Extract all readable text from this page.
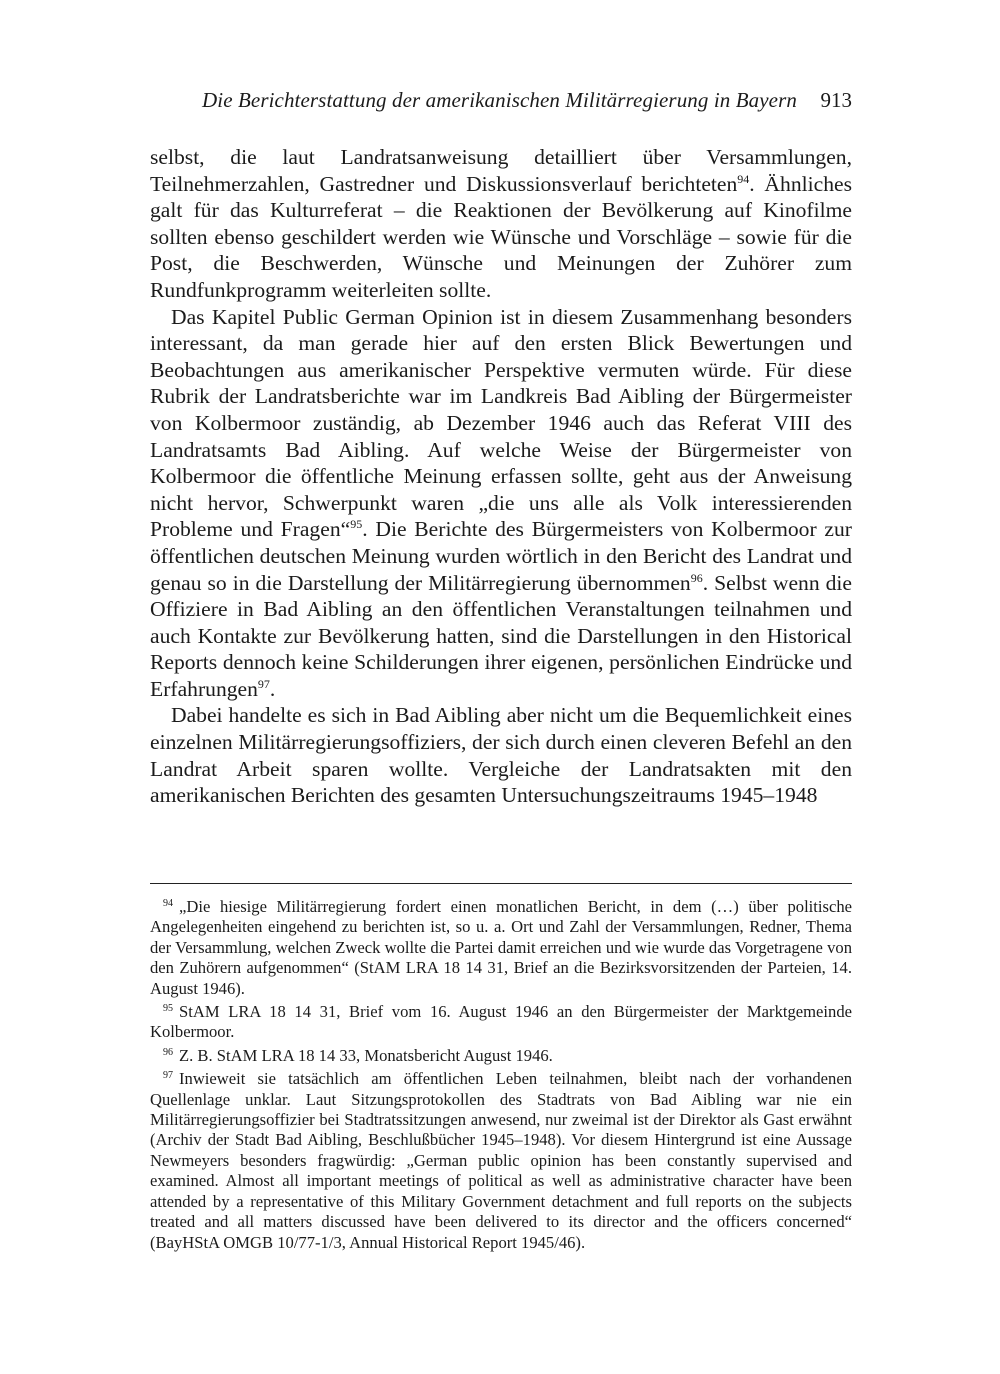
Die Berichterstattung der amerikanischen Militärregierung in Bayern 913

selbst, die laut Landratsanweisung detailliert über Versammlungen, Teilnehmerzahlen, Gastredner und Diskussionsverlauf berichteten$^{94}$. Ähnliches galt für das Kulturreferat – die Reaktionen der Bevölkerung auf Kinofilme sollten ebenso geschildert werden wie Wünsche und Vorschläge – sowie für die Post, die Beschwerden, Wünsche und Meinungen der Zuhörer zum Rundfunkprogramm weiterleiten sollte.

Das Kapitel Public German Opinion ist in diesem Zusammenhang besonders interessant, da man gerade hier auf den ersten Blick Bewertungen und Beobachtungen aus amerikanischer Perspektive vermuten würde. Für diese Rubrik der Landratsberichte war im Landkreis Bad Aibling der Bürgermeister von Kolbermoor zuständig, ab Dezember 1946 auch das Referat VIII des Landratsamts Bad Aibling. Auf welche Weise der Bürgermeister von Kolbermoor die öffentliche Meinung erfassen sollte, geht aus der Anweisung nicht hervor, Schwerpunkt waren „die uns alle als Volk interessierenden Probleme und Fragen“$^{95}$. Die Berichte des Bürgermeisters von Kolbermoor zur öffentlichen deutschen Meinung wurden wörtlich in den Bericht des Landrat und genau so in die Darstellung der Militärregierung übernommen$^{96}$. Selbst wenn die Offiziere in Bad Aibling an den öffentlichen Veranstaltungen teilnahmen und auch Kontakte zur Bevölkerung hatten, sind die Darstellungen in den Historical Reports dennoch keine Schilderungen ihrer eigenen, persönlichen Eindrücke und Erfahrungen$^{97}$.

Dabei handelte es sich in Bad Aibling aber nicht um die Bequemlichkeit eines einzelnen Militärregierungsoffiziers, der sich durch einen cleveren Befehl an den Landrat Arbeit sparen wollte. Vergleiche der Landratsakten mit den amerikanischen Berichten des gesamten Untersuchungszeitraums 1945–1948

$^{94}$ „Die hiesige Militärregierung fordert einen monatlichen Bericht, in dem (…) über politische Angelegenheiten eingehend zu berichten ist, so u. a. Ort und Zahl der Versammlungen, Redner, Thema der Versammlung, welchen Zweck wollte die Partei damit erreichen und wie wurde das Vorgetragene von den Zuhörern aufgenommen“ (StAM LRA 18 14 31, Brief an die Bezirksvorsitzenden der Parteien, 14. August 1946).

$^{95}$ StAM LRA 18 14 31, Brief vom 16. August 1946 an den Bürgermeister der Marktgemeinde Kolbermoor.

$^{96}$ Z. B. StAM LRA 18 14 33, Monatsbericht August 1946.

$^{97}$ Inwieweit sie tatsächlich am öffentlichen Leben teilnahmen, bleibt nach der vorhandenen Quellenlage unklar. Laut Sitzungsprotokollen des Stadtrats von Bad Aibling war nie ein Militärregierungsoffizier bei Stadtratssitzungen anwesend, nur zweimal ist der Direktor als Gast erwähnt (Archiv der Stadt Bad Aibling, Beschlußbücher 1945–1948). Vor diesem Hintergrund ist eine Aussage Newmeyers besonders fragwürdig: „German public opinion has been constantly supervised and examined. Almost all important meetings of political as well as administrative character have been attended by a representative of this Military Government detachment and full reports on the subjects treated and all matters discussed have been delivered to its director and the officers concerned“ (BayHStA OMGB 10/77-1/3, Annual Historical Report 1945/46).
